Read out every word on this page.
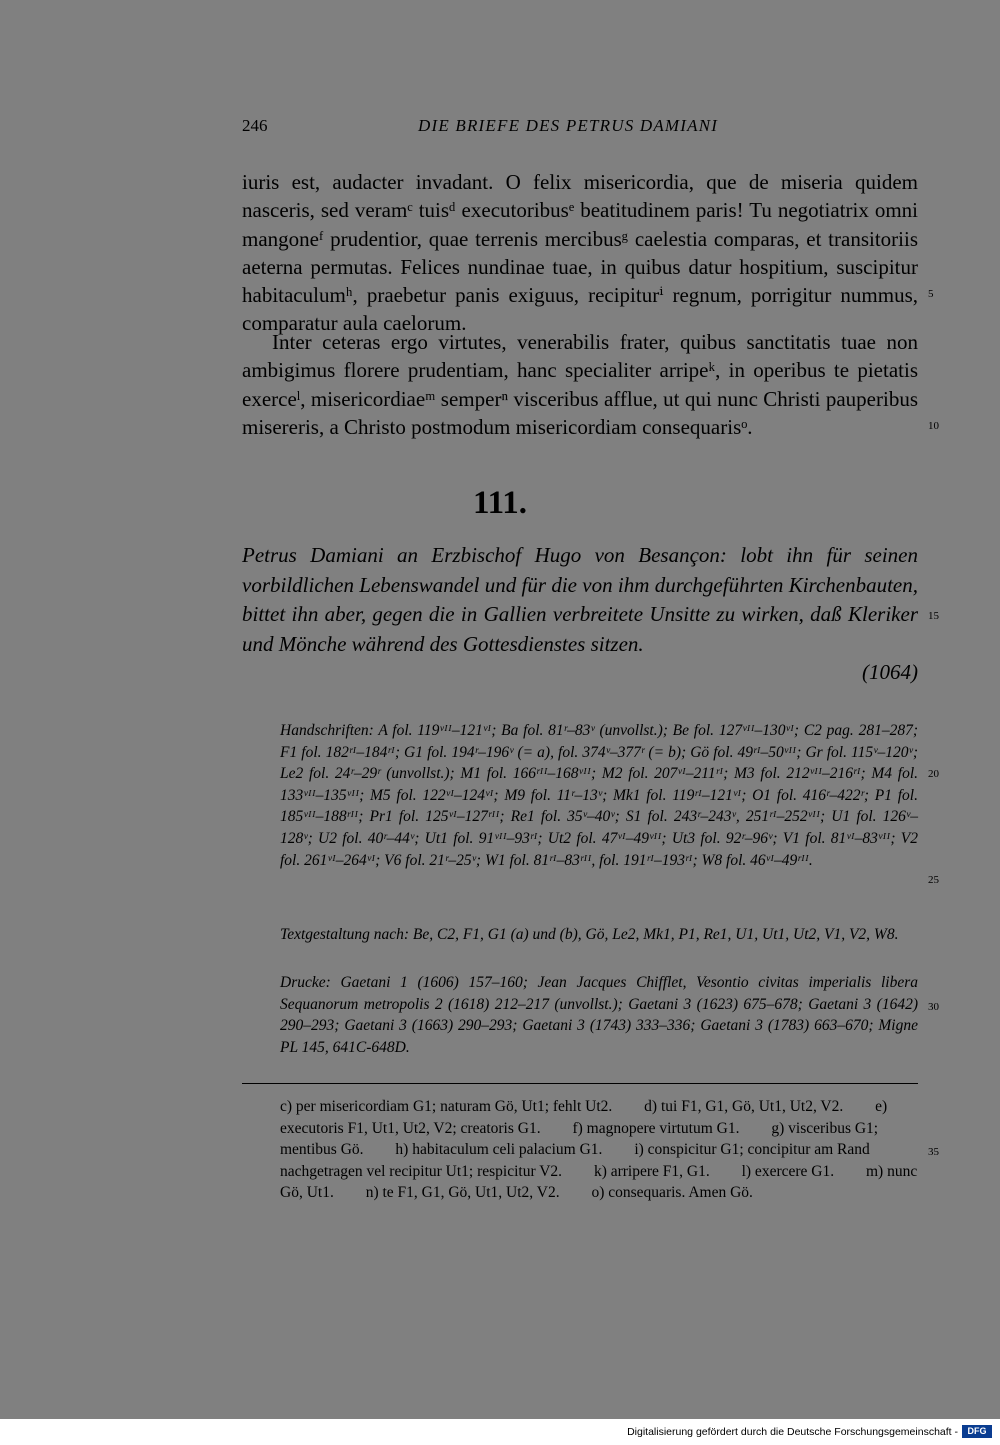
246	DIE BRIEFE DES PETRUS DAMIANI
iuris est, audacter invadant. O felix misericordia, que de miseria quidem nasceris, sed veramᶜ tuisᵈ executoribusᵉ beatitudinem paris! Tu negotiatrix omni mangoneᶠ prudentior, quae terrenis mercibusᵍ caelestia comparas, et transitoriis aeterna permutas. Felices nundinae tuae, in quibus datur hospitium, suscipitur habitaculumʰ, praebetur panis exiguus, recipiturⁱ regnum, porrigitur nummus, comparatur aula caelorum.
Inter ceteras ergo virtutes, venerabilis frater, quibus sanctitatis tuae non ambigimus florere prudentiam, hanc specialiter arripeᵏ, in operibus te pietatis exerceˡ, misericordiaeᵐ semperⁿ visceribus afflue, ut qui nunc Christi pauperibus misereris, a Christo postmodum misericordiam consequarisᵒ.
111.
Petrus Damiani an Erzbischof Hugo von Besançon: lobt ihn für seinen vorbildlichen Lebenswandel und für die von ihm durchgeführten Kirchenbauten, bittet ihn aber, gegen die in Gallien verbreitete Unsitte zu wirken, daß Kleriker und Mönche während des Gottesdienstes sitzen.
(1064)
Handschriften: A fol. 119ᵛᴵᴵ–121ᵛᴵ; Ba fol. 81ʳ–83ᵛ (unvollst.); Be fol. 127ᵛᴵᴵ–130ᵛᴵ; C2 pag. 281–287; F1 fol. 182ʳᴵ–184ʳᴵ; G1 fol. 194ʳ–196ᵛ (= a), fol. 374ᵛ–377ʳ (= b); Gö fol. 49ʳᴵ–50ᵛᴵᴵ; Gr fol. 115ᵛ–120ᵛ; Le2 fol. 24ʳ–29ʳ (unvollst.); M1 fol. 166ʳᴵᴵ–168ᵛᴵᴵ; M2 fol. 207ᵛᴵ–211ʳᴵ; M3 fol. 212ᵛᴵᴵ–216ʳᴵ; M4 fol. 133ᵛᴵᴵ–135ᵛᴵᴵ; M5 fol. 122ᵛᴵ–124ᵛᴵ; M9 fol. 11ʳ–13ᵛ; Mk1 fol. 119ʳᴵ–121ᵛᴵ; O1 fol. 416ʳ–422ʳ; P1 fol. 185ᵛᴵᴵ–188ʳᴵᴵ; Pr1 fol. 125ᵛᴵ–127ʳᴵᴵ; Re1 fol. 35ᵛ–40ᵛ; S1 fol. 243ʳ–243ᵛ, 251ʳᴵ–252ᵛᴵᴵ; U1 fol. 126ᵛ–128ᵛ; U2 fol. 40ʳ–44ᵛ; Ut1 fol. 91ᵛᴵᴵ–93ʳᴵ; Ut2 fol. 47ᵛᴵ–49ᵛᴵᴵ; Ut3 fol. 92ʳ–96ᵛ; V1 fol. 81ᵛᴵ–83ᵛᴵᴵ; V2 fol. 261ᵛᴵ–264ᵛᴵ; V6 fol. 21ʳ–25ᵛ; W1 fol. 81ʳᴵ–83ʳᴵᴵ, fol. 191ʳᴵ–193ʳᴵ; W8 fol. 46ᵛᴵ–49ʳᴵᴵ.
Textgestaltung nach: Be, C2, F1, G1 (a) und (b), Gö, Le2, Mk1, P1, Re1, U1, Ut1, Ut2, V1, V2, W8.
Drucke: Gaetani 1 (1606) 157–160; Jean Jacques Chifflet, Vesontio civitas imperialis libera Sequanorum metropolis 2 (1618) 212–217 (unvollst.); Gaetani 3 (1623) 675–678; Gaetani 3 (1642) 290–293; Gaetani 3 (1663) 290–293; Gaetani 3 (1743) 333–336; Gaetani 3 (1783) 663–670; Migne PL 145, 641C-648D.
c) per misericordiam G1; naturam Gö, Ut1; fehlt Ut2. d) tui F1, G1, Gö, Ut1, Ut2, V2. e) executoris F1, Ut1, Ut2, V2; creatoris G1. f) magnopere virtutum G1. g) visceribus G1; mentibus Gö. h) habitaculum celi palacium G1. i) conspicitur G1; concipitur am Rand nachgetragen vel recipitur Ut1; respicitur V2. k) arripere F1, G1. l) exercere G1. m) nunc Gö, Ut1. n) te F1, G1, Gö, Ut1, Ut2, V2. o) consequaris. Amen Gö.
5
10
15
20
25
30
35
Digitalisierung gefördert durch die Deutsche Forschungsgemeinschaft -	DFG
